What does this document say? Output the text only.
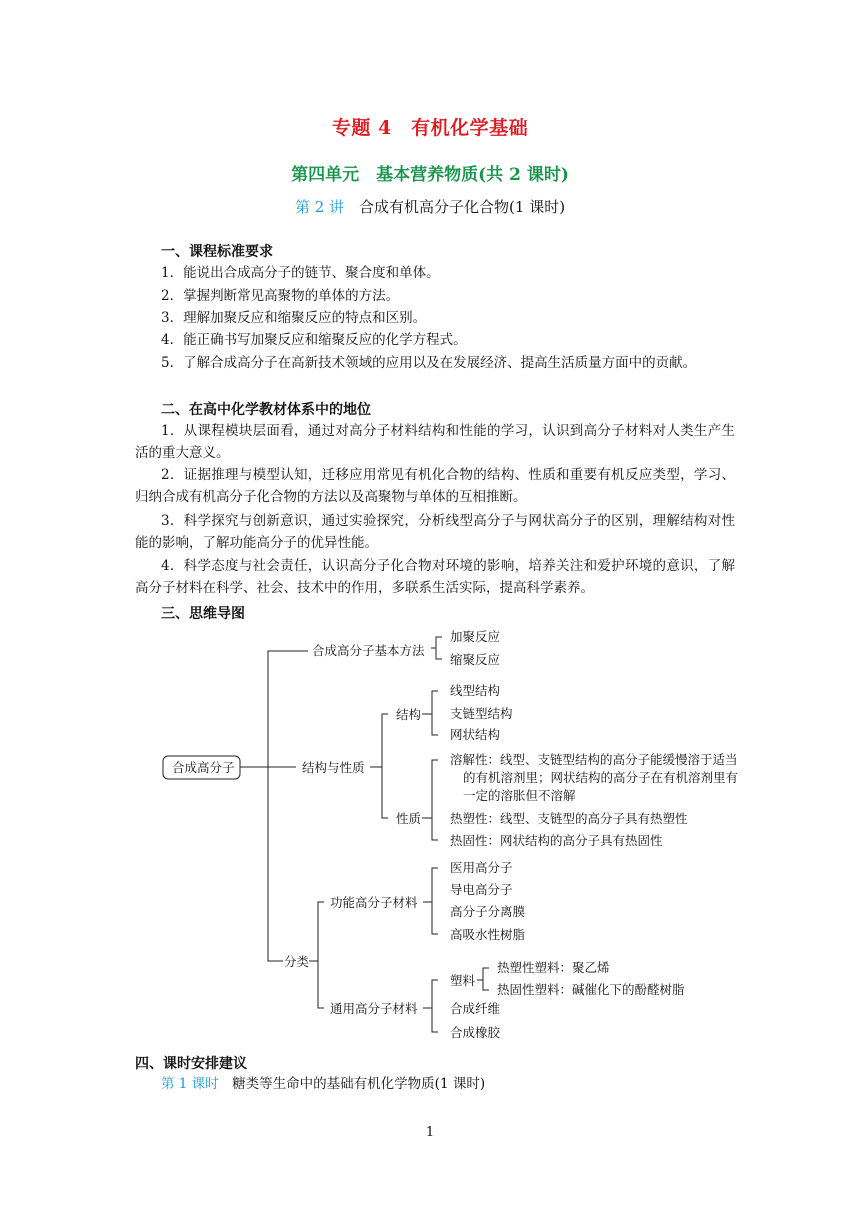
专题 4　有机化学基础
第四单元　基本营养物质(共 2 课时)
第 2 讲　合成有机高分子化合物(1 课时)
一、课程标准要求
1．能说出合成高分子的链节、聚合度和单体。
2．掌握判断常见高聚物的单体的方法。
3．理解加聚反应和缩聚反应的特点和区别。
4．能正确书写加聚反应和缩聚反应的化学方程式。
5．了解合成高分子在高新技术领域的应用以及在发展经济、提高生活质量方面中的贡献。
二、在高中化学教材体系中的地位
1．从课程模块层面看，通过对高分子材料结构和性能的学习，认识到高分子材料对人类生产生活的重大意义。
2．证据推理与模型认知，迁移应用常见有机化合物的结构、性质和重要有机反应类型，学习、归纳合成有机高分子化合物的方法以及高聚物与单体的互相推断。
3．科学探究与创新意识，通过实验探究，分析线型高分子与网状高分子的区别，理解结构对性能的影响，了解功能高分子的优异性能。
4．科学态度与社会责任，认识高分子化合物对环境的影响，培养关注和爱护环境的意识，了解高分子材料在科学、社会、技术中的作用，多联系生活实际，提高科学素养。
三、思维导图
合成高分子
合成高分子基本方法
加聚反应
缩聚反应
结构与性质
结构
线型结构
支链型结构
网状结构
性质
溶解性：线型、支链型结构的高分子能缓慢溶于适当
的有机溶剂里；网状结构的高分子在有机溶剂里有
一定的溶胀但不溶解
热塑性：线型、支链型的高分子具有热塑性
热固性：网状结构的高分子具有热固性
分类
功能高分子材料
医用高分子
导电高分子
高分子分离膜
高吸水性树脂
通用高分子材料
塑料
热塑性塑料：聚乙烯
热固性塑料：碱催化下的酚醛树脂
合成纤维
合成橡胶
四、课时安排建议
第 1 课时　糖类等生命中的基础有机化学物质(1 课时)
1
